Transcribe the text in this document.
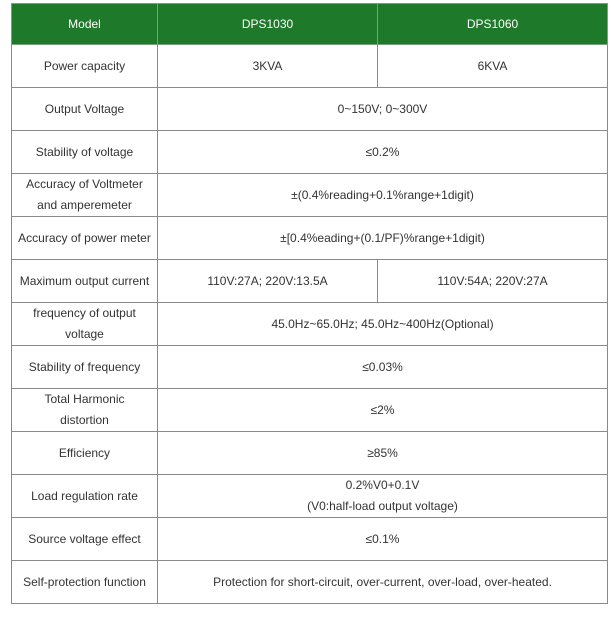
Model	DPS1030	DPS1060
Power capacity	3KVA	6KVA
Output Voltage	0~150V; 0~300V	
Stability of voltage	≤0.2%	

Accuracy of Voltmeter
and amperemeter	±(0.4%reading+0.1%range+1digit)	
Accuracy of power meter	±[0.4%eading+(0.1/PF)%range+1digit)	
Maximum output current	110V:27A; 220V:13.5A	110V:54A; 220V:27A

frequency of output
voltage	45.0Hz~65.0Hz; 45.0Hz~400Hz(Optional)	
Stability of frequency	≤0.03%	

Total Harmonic
distortion	≤2%	
Efficiency	≥85%	
Load regulation rate	0.2%V0+0.1V
(V0:half-load output voltage)	

Source voltage effect	≤0.1%	
Self-protection function	Protection for short-circuit, over-current, over-load, over-heated.	
